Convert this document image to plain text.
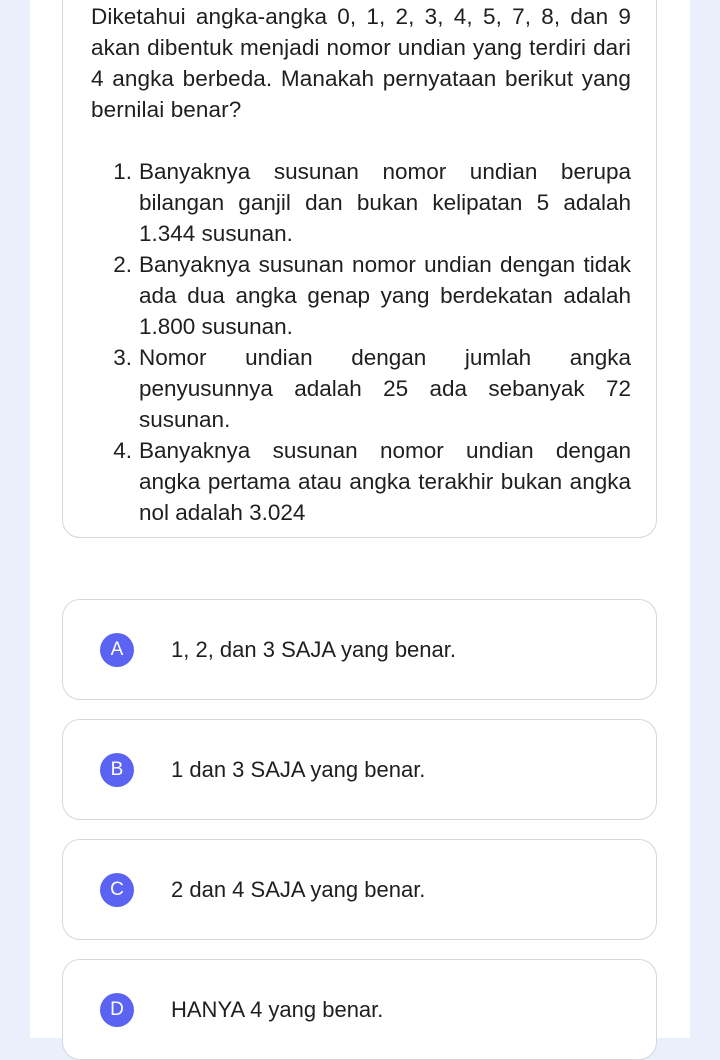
Diketahui angka-angka 0, 1, 2, 3, 4, 5, 7, 8, dan 9 akan dibentuk menjadi nomor undian yang terdiri dari 4 angka berbeda. Manakah pernyataan berikut yang bernilai benar?

1. Banyaknya susunan nomor undian berupa bilangan ganjil dan bukan kelipatan 5 adalah 1.344 susunan.
2. Banyaknya susunan nomor undian dengan tidak ada dua angka genap yang berdekatan adalah 1.800 susunan.
3. Nomor undian dengan jumlah angka penyusunnya adalah 25 ada sebanyak 72 susunan.
4. Banyaknya susunan nomor undian dengan angka pertama atau angka terakhir bukan angka nol adalah 3.024
A	1, 2, dan 3 SAJA yang benar.
B	1 dan 3 SAJA yang benar.
C	2 dan 4 SAJA yang benar.
D	HANYA 4 yang benar.
